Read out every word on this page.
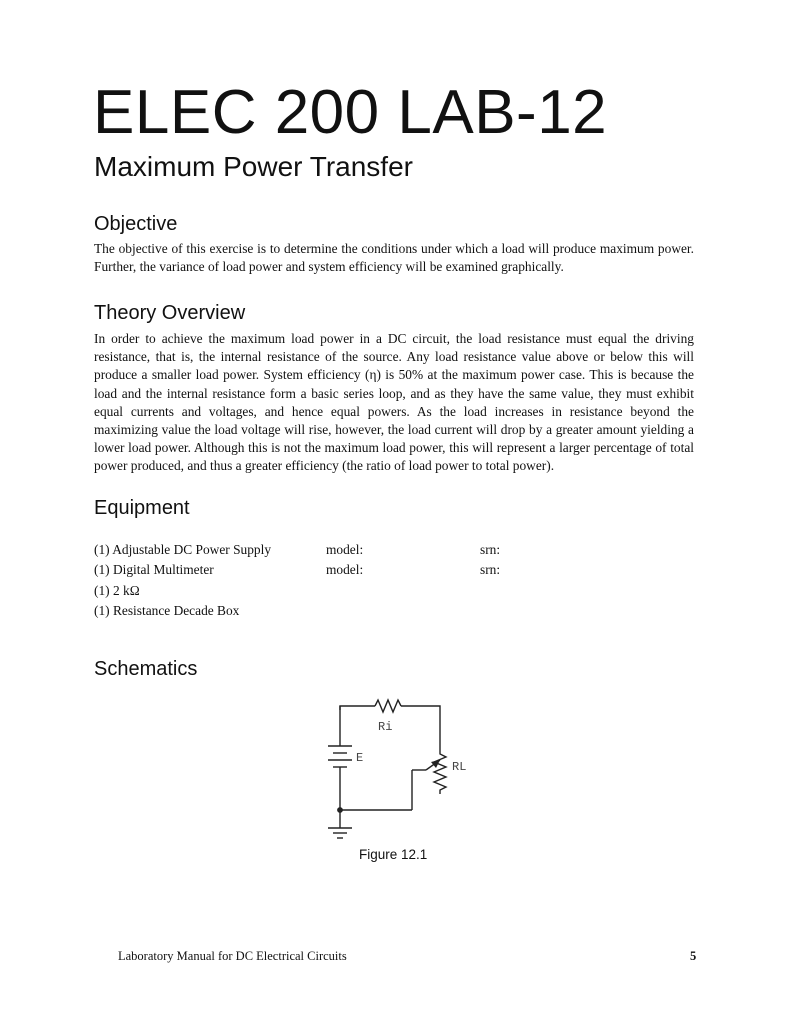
ELEC 200 LAB-12
Maximum Power Transfer
Objective

The objective of this exercise is to determine the conditions under which a load will produce maximum power. Further, the variance of load power and system efficiency will be examined graphically.

Theory Overview

In order to achieve the maximum load power in a DC circuit, the load resistance must equal the driving resistance, that is, the internal resistance of the source. Any load resistance value above or below this will produce a smaller load power. System efficiency (η) is 50% at the maximum power case. This is because the load and the internal resistance form a basic series loop, and as they have the same value, they must exhibit equal currents and voltages, and hence equal powers. As the load increases in resistance beyond the maximizing value the load voltage will rise, however, the load current will drop by a greater amount yielding a lower load power. Although this is not the maximum load power, this will represent a larger percentage of total power produced, and thus a greater efficiency (the ratio of load power to total power).

Equipment
(1) Adjustable DC Power Supply	model:	srn:
(1) Digital Multimeter	model:	srn:
(1) 2 kΩ
(1) Resistance Decade Box
Schematics
Ri
E
RL
Figure 12.1
Laboratory Manual for DC Electrical Circuits	5
